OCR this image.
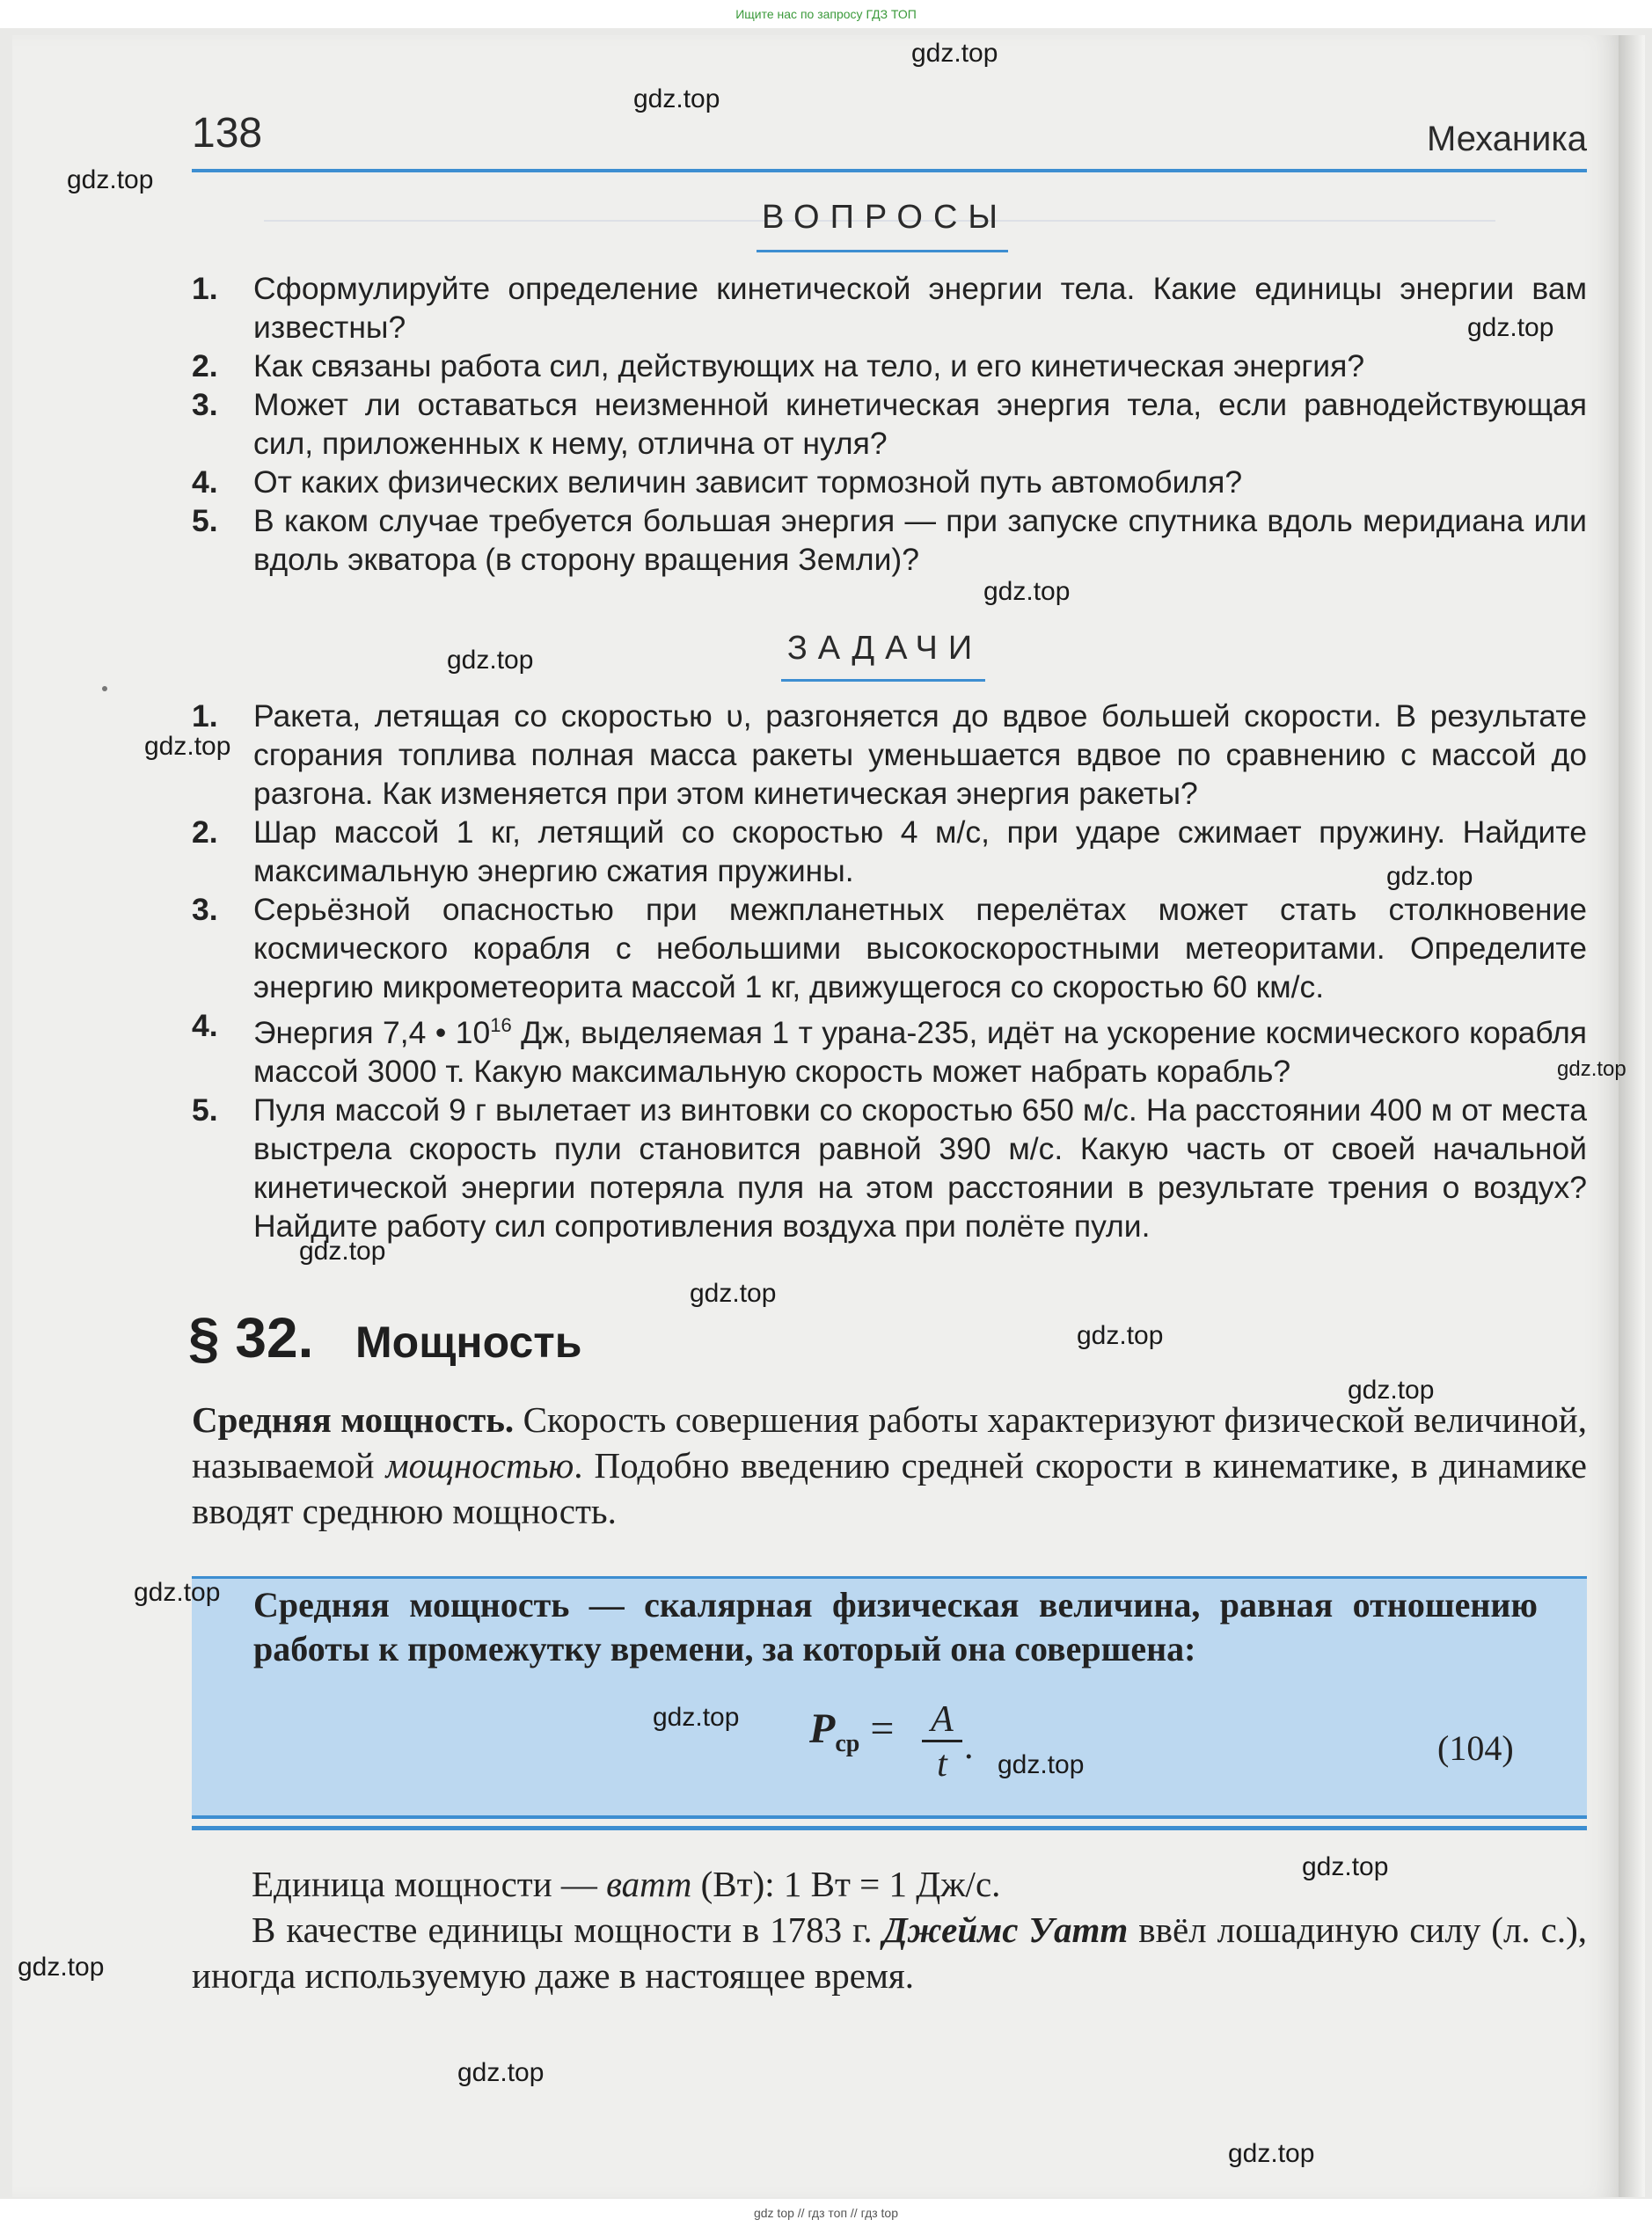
Ищите нас по запросу ГДЗ ТОП
138	Механика
ВОПРОСЫ
1. Сформулируйте определение кинетической энергии тела. Какие единицы энергии вам известны?
2. Как связаны работа сил, действующих на тело, и его кинетическая энергия?
3. Может ли оставаться неизменной кинетическая энергия тела, если равнодействующая сил, приложенных к нему, отлична от нуля?
4. От каких физических величин зависит тормозной путь автомобиля?
5. В каком случае требуется большая энергия — при запуске спутника вдоль меридиана или вдоль экватора (в сторону вращения Земли)?
ЗАДАЧИ
1. Ракета, летящая со скоростью υ, разгоняется до вдвое большей скорости. В результате сгорания топлива полная масса ракеты уменьшается вдвое по сравнению с массой до разгона. Как изменяется при этом кинетическая энергия ракеты?
2. Шар массой 1 кг, летящий со скоростью 4 м/с, при ударе сжимает пружину. Найдите максимальную энергию сжатия пружины.
3. Серьёзной опасностью при межпланетных перелётах может стать столкновение космического корабля с небольшими высокоскоростными метеоритами. Определите энергию микрометеорита массой 1 кг, движущегося со скоростью 60 км/с.
4. Энергия 7,4 • $10^{16}$ Дж, выделяемая 1 т урана-235, идёт на ускорение космического корабля массой 3000 т. Какую максимальную скорость может набрать корабль?
5. Пуля массой 9 г вылетает из винтовки со скоростью 650 м/с. На расстоянии 400 м от места выстрела скорость пули становится равной 390 м/с. Какую часть от своей начальной кинетической энергии потеряла пуля на этом расстоянии в результате трения о воздух? Найдите работу сил сопротивления воздуха при полёте пули.
§ 32. Мощность
Средняя мощность. Скорость совершения работы характеризуют физической величиной, называемой мощностью. Подобно введению средней скорости в кинематике, в динамике вводят среднюю мощность.
Средняя мощность — скалярная физическая величина, равная отношению работы к промежутку времени, за который она совершена:
$P_{ср} = A$
t .	(104)
Единица мощности — ватт (Вт): 1 Вт = 1 Дж/с.
В качестве единицы мощности в 1783 г. Джеймс Уатт ввёл лошадиную силу (л. с.), иногда используемую даже в настоящее время.
gdz.top
gdz.top
gdz.top
gdz.top
gdz.top
gdz.top
gdz.top
gdz.top
gdz.top
gdz.top
gdz.top
gdz.top
gdz.top
gdz.top
gdz.top
gdz.top
gdz.top
gdz.top
gdz.top
gdz.top
gdz top // гдз топ // гдз top
